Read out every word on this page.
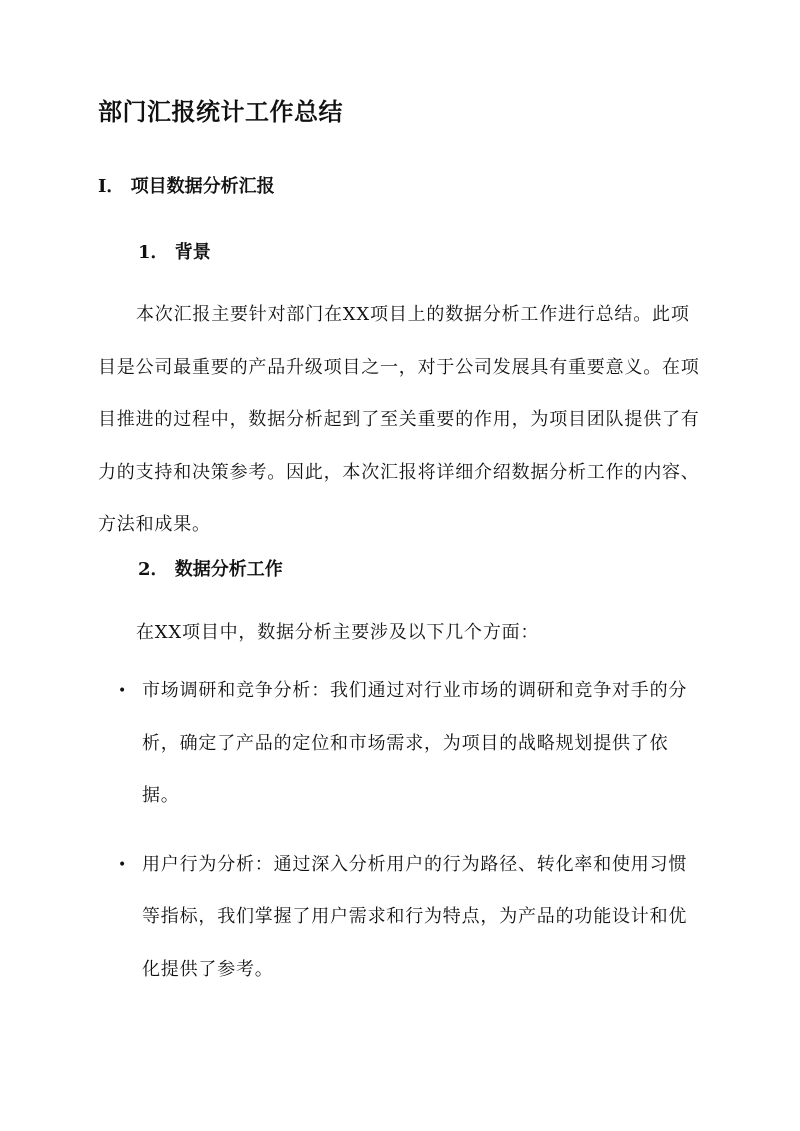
部门汇报统计工作总结
I． 项目数据分析汇报
1． 背景

本次汇报主要针对部门在XX项目上的数据分析工作进行总结。此项目是公司最重要的产品升级项目之一，对于公司发展具有重要意义。在项目推进的过程中，数据分析起到了至关重要的作用，为项目团队提供了有力的支持和决策参考。因此，本次汇报将详细介绍数据分析工作的内容、方法和成果。

2． 数据分析工作

在XX项目中，数据分析主要涉及以下几个方面：

• 市场调研和竞争分析：我们通过对行业市场的调研和竞争对手的分析，确定了产品的定位和市场需求，为项目的战略规划提供了依据。
• 用户行为分析：通过深入分析用户的行为路径、转化率和使用习惯等指标，我们掌握了用户需求和行为特点，为产品的功能设计和优化提供了参考。
